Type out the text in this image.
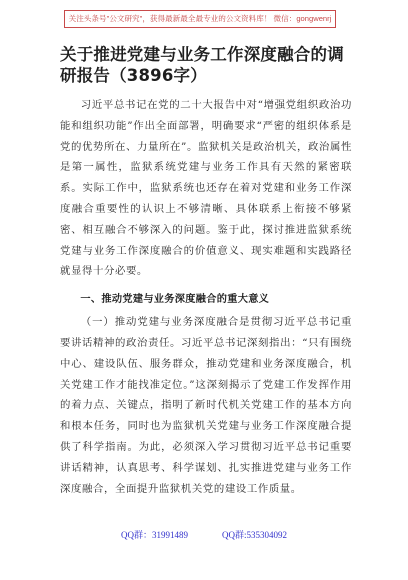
关注头条号"公文研究"，获得最新最全最专业的公文资料库！ 微信：gongwenrj
关于推进党建与业务工作深度融合的调研报告（3896字）

习近平总书记在党的二十大报告中对“增强党组织政治功能和组织功能”作出全面部署，明确要求“严密的组织体系是党的优势所在、力量所在”。监狱机关是政治机关，政治属性是第一属性，监狱系统党建与业务工作具有天然的紧密联系。实际工作中，监狱系统也还存在着对党建和业务工作深度融合重要性的认识上不够清晰、具体联系上衔接不够紧密、相互融合不够深入的问题。鉴于此，探讨推进监狱系统党建与业务工作深度融合的价值意义、现实难题和实践路径就显得十分必要。

一、推动党建与业务深度融合的重大意义

（一）推动党建与业务深度融合是贯彻习近平总书记重要讲话精神的政治责任。习近平总书记深刻指出：“只有围绕中心、建设队伍、服务群众，推动党建和业务深度融合，机关党建工作才能找准定位。”这深刻揭示了党建工作发挥作用的着力点、关键点，指明了新时代机关党建工作的基本方向和根本任务，同时也为监狱机关党建与业务工作深度融合提供了科学指南。为此，必须深入学习贯彻习近平总书记重要讲话精神，认真思考、科学谋划、扎实推进党建与业务工作深度融合，全面提升监狱机关党的建设工作质量。

QQ群：31991489	QQ群:535304092
